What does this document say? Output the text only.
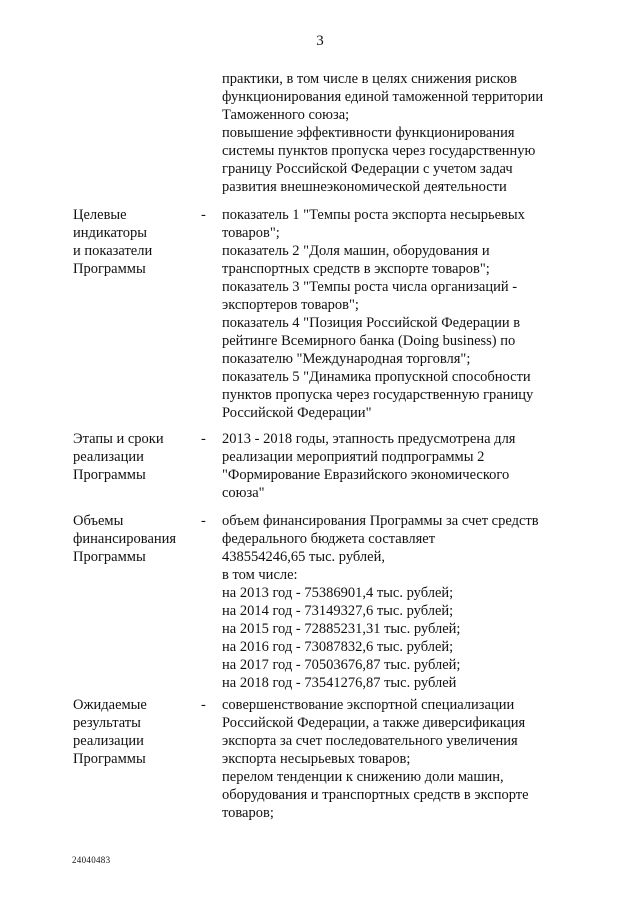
3
практики, в том числе в целях снижения рисков
функционирования единой таможенной территории
Таможенного союза;
повышение эффективности функционирования
системы пунктов пропуска через государственную
границу Российской Федерации с учетом задач
развития внешнеэкономической деятельности
Целевые
индикаторы
и показатели
Программы
- показатель 1 "Темпы роста экспорта несырьевых
товаров";
показатель 2 "Доля машин, оборудования и
транспортных средств в экспорте товаров";
показатель 3 "Темпы роста числа организаций -
экспортеров товаров";
показатель 4 "Позиция Российской Федерации в
рейтинге Всемирного банка (Doing business) по
показателю "Международная торговля";
показатель 5 "Динамика пропускной способности
пунктов пропуска через государственную границу
Российской Федерации"
Этапы и сроки
реализации
Программы
- 2013 - 2018 годы, этапность предусмотрена для
реализации мероприятий подпрограммы 2
"Формирование Евразийского экономического
союза"
Объемы
финансирования
Программы
- объем финансирования Программы за счет средств
федерального бюджета составляет
438554246,65 тыс. рублей,
в том числе:
на 2013 год - 75386901,4 тыс. рублей;
на 2014 год - 73149327,6 тыс. рублей;
на 2015 год - 72885231,31 тыс. рублей;
на 2016 год - 73087832,6 тыс. рублей;
на 2017 год - 70503676,87 тыс. рублей;
на 2018 год - 73541276,87 тыс. рублей
Ожидаемые
результаты
реализации
Программы
- совершенствование экспортной специализации
Российской Федерации, а также диверсификация
экспорта за счет последовательного увеличения
экспорта несырьевых товаров;
перелом тенденции к снижению доли машин,
оборудования и транспортных средств в экспорте
товаров;
24040483
